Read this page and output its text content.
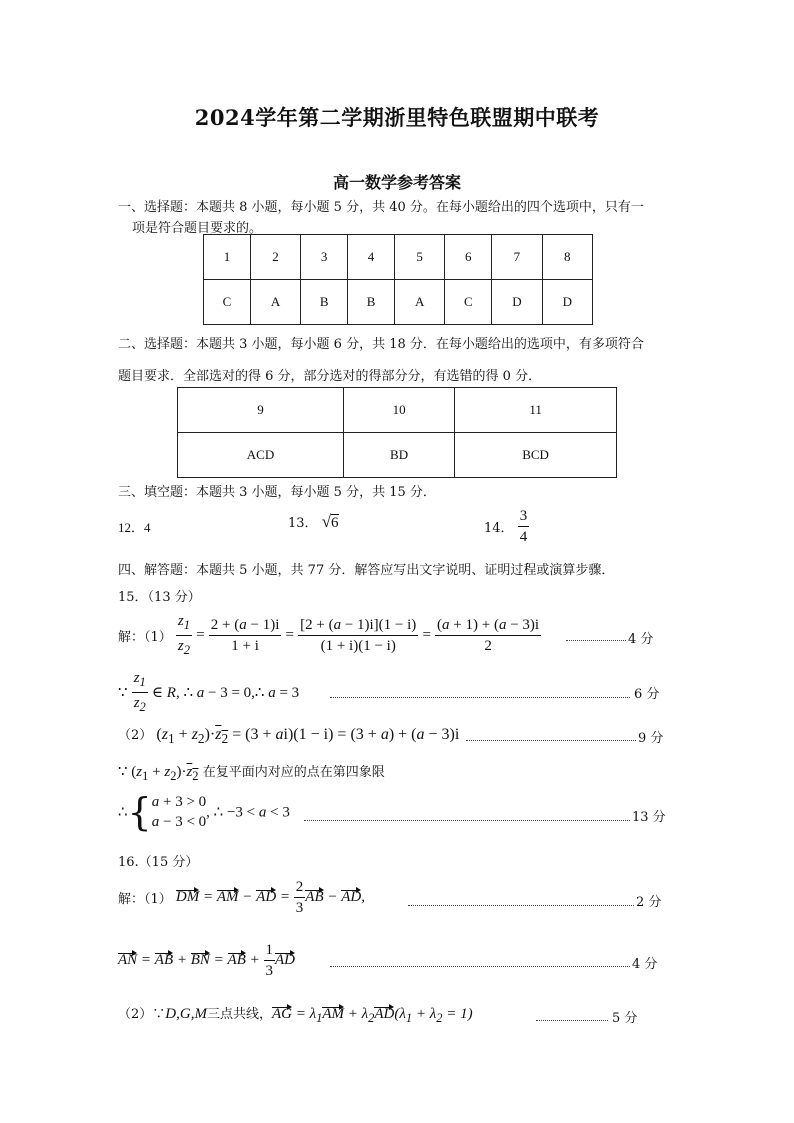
2024学年第二学期浙里特色联盟期中联考
高一数学参考答案
一、选择题：本题共 8 小题，每小题 5 分，共 40 分。在每小题给出的四个选项中，只有一
项是符合题目要求的。
1	2	3	4	5	6	7	8
C	A	B	B	A	C	D	D
二、选择题：本题共 3 小题，每小题 6 分，共 18 分．在每小题给出的选项中，有多项符合
题目要求．全部选对的得 6 分，部分选对的得部分分，有选错的得 0 分．
9	10	11
ACD	BD	BCD
三、填空题：本题共 3 小题，每小题 5 分，共 15 分．
12．4	13． √6	14． $\frac{3}{4}$
四、解答题：本题共 5 小题，共 77 分．解答应写出文字说明、证明过程或演算步骤．
15．（13 分）
解：$(1) \frac{z_1}{z_2} = \frac{2 + (a - 1)i}{1 + i} = \frac{[2 + (a - 1)i](1 - i)}{(1 + i)(1 - i)} = \frac{(a + 1) + (a - 3)i}{2}$	4 分
∵ $\frac{z_1}{z_2}$ ∈ R, ∴ a − 3 = 0,∴ a = 3	6 分
（2） $(z_1 + z_2)\cdot z_2 = (3 + ai)(1 - i) = (3 + a) + (a - 3)i$	9 分
∵ $(z_1 + z_2)\cdot z_2$ 在复平面内对应的点在第四象限
∴{a + 3 > 0
a − 3 < 0, ∴ −3 < a < 3	13 分
16.（15 分）
解：（1） DM = AM − AD = $\frac{2}{3}$ AB − AD,	2 分
AN = AB + BN = AB + $\frac{1}{3}$ AD	4 分
（2）∵D,G,M三点共线，AG = $\lambda_1AM + \lambda_2AD(\lambda_1 + \lambda_2 = 1)$	5 分
